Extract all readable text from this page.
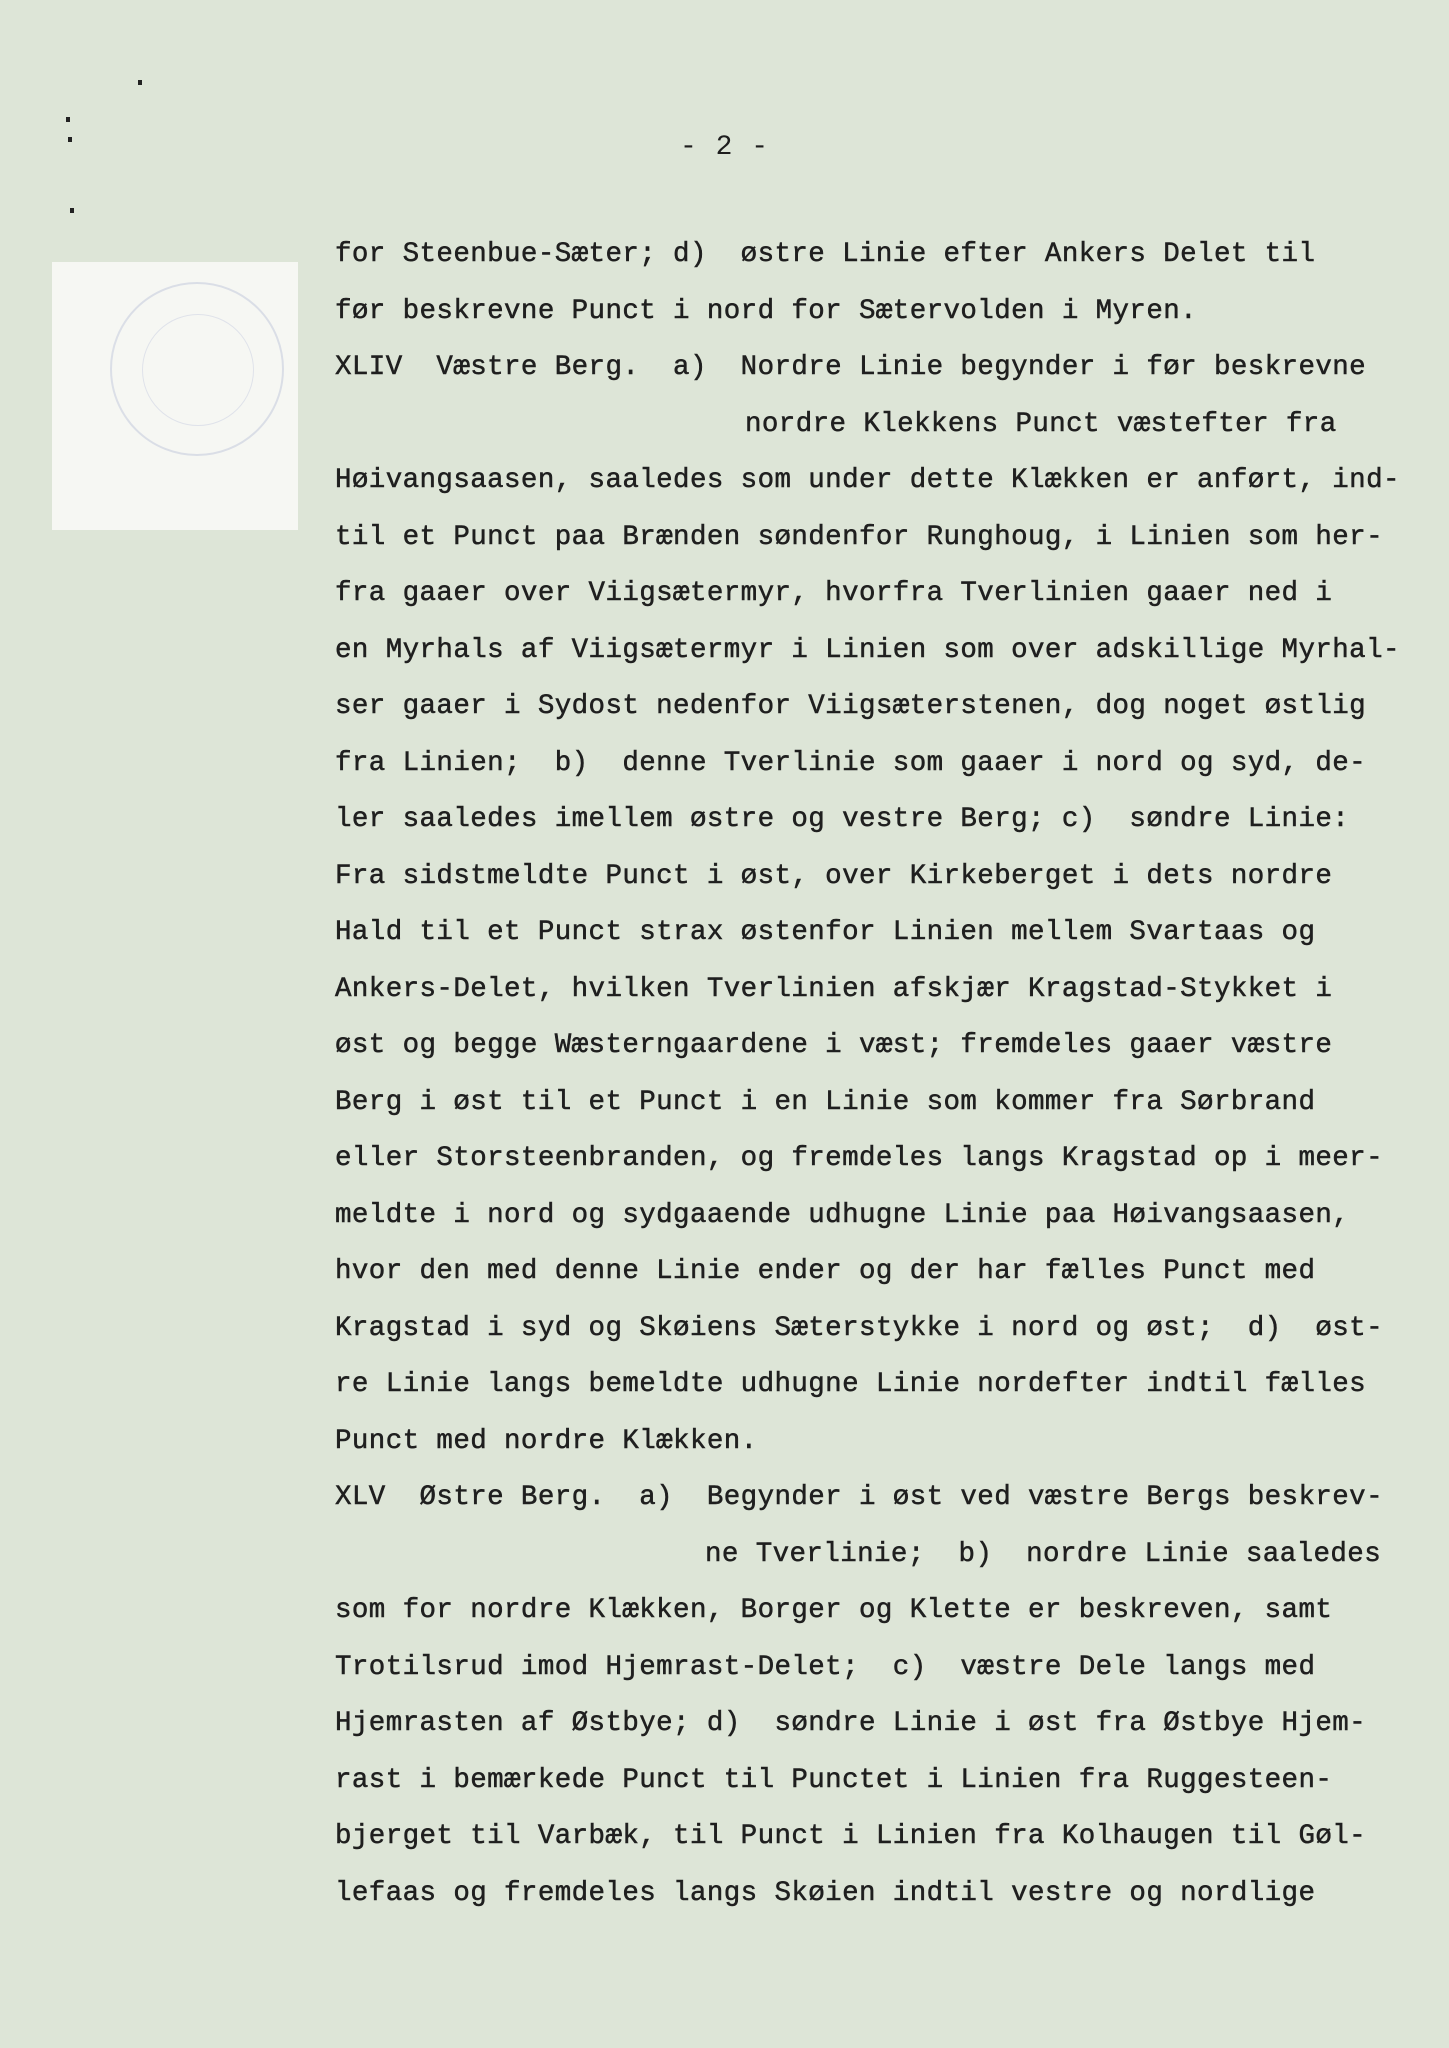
- 2 -
for Steenbue-Sæter; d)  østre Linie efter Ankers Delet til
før beskrevne Punct i nord for Sætervolden i Myren.
XLIV  Væstre Berg.  a)  Nordre Linie begynder i før beskrevne
nordre Klekkens Punct væstefter fra
Høivangsaasen, saaledes som under dette Klækken er anført, ind-
til et Punct paa Brænden søndenfor Runghoug, i Linien som her-
fra gaaer over Viigsætermyr, hvorfra Tverlinien gaaer ned i
en Myrhals af Viigsætermyr i Linien som over adskillige Myrhal-
ser gaaer i Sydost nedenfor Viigsæterstenen, dog noget østlig
fra Linien;  b)  denne Tverlinie som gaaer i nord og syd, de-
ler saaledes imellem østre og vestre Berg; c)  søndre Linie:
Fra sidstmeldte Punct i øst, over Kirkeberget i dets nordre
Hald til et Punct strax østenfor Linien mellem Svartaas og
Ankers-Delet, hvilken Tverlinien afskjær Kragstad-Stykket i
øst og begge Wæsterngaardene i væst; fremdeles gaaer væstre
Berg i øst til et Punct i en Linie som kommer fra Sørbrand
eller Storsteenbranden, og fremdeles langs Kragstad op i meer-
meldte i nord og sydgaaende udhugne Linie paa Høivangsaasen,
hvor den med denne Linie ender og der har fælles Punct med
Kragstad i syd og Skøiens Sæterstykke i nord og øst;  d)  øst-
re Linie langs bemeldte udhugne Linie nordefter indtil fælles
Punct med nordre Klækken.
XLV  Østre Berg.  a)  Begynder i øst ved væstre Bergs beskrev-
ne Tverlinie;  b)  nordre Linie saaledes
som for nordre Klækken, Borger og Klette er beskreven, samt
Trotilsrud imod Hjemrast-Delet;  c)  væstre Dele langs med
Hjemrasten af Østbye; d)  søndre Linie i øst fra Østbye Hjem-
rast i bemærkede Punct til Punctet i Linien fra Ruggesteen-
bjerget til Varbæk, til Punct i Linien fra Kolhaugen til Gøl-
lefaas og fremdeles langs Skøien indtil vestre og nordlige
